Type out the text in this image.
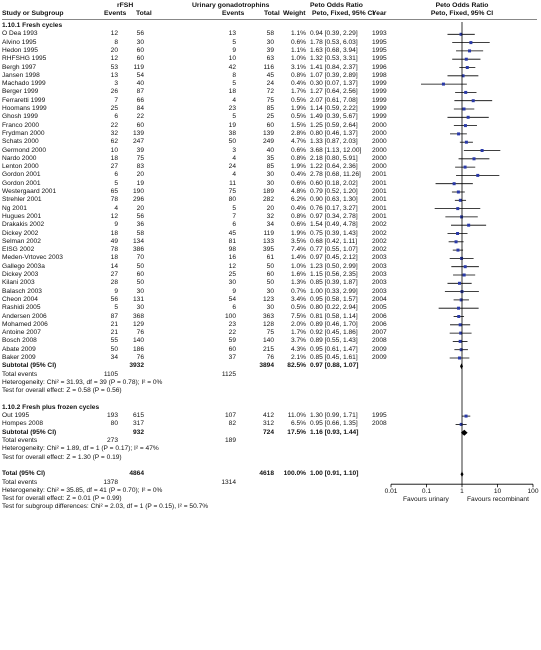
rFSH	Urinary gonadotrophins	Peto Odds Ratio	Peto Odds Ratio
Study or Subgroup	Events Total	Events	Total Weight Peto, Fixed, 95% CI
Year	Peto, Fixed, 95% CI
1.10.1 Fresh cycles
O Dea 1993	12	56	13	58	1.1% 0.94 [0.39, 2.29] 1993
Alvino 1995	8	30	5	30	0.6% 1.78 [0.53, 6.03] 1995
Hedon 1995	20	60	9	39	1.1% 1.63 [0.68, 3.94] 1995
RHFSHG 1995	12	60	10	63	1.0% 1.32 [0.53, 3.31] 1995
Bergh 1997	53	119	42	116	3.1% 1.41 [0.84, 2.37] 1996
Jansen 1998	13	54	8	45	0.8% 1.07 [0.39, 2.89] 1998
Machado 1999	3	40	5	24	0.4% 0.30 [0.07, 1.37] 1999
Berger 1999	26	87	18	72	1.7% 1.27 [0.64, 2.56] 1999
Ferraretti 1999	7	66	4	75	0.5% 2.07 [0.61, 7.08] 1999
Hoomans 1999	25	84	23	85	1.9% 1.14 [0.59, 2.22] 1999
Ghosh 1999	6	22	5	25	0.5% 1.49 [0.39, 5.67] 1999
Franco 2000	22	60	19	60	1.5% 1.25 [0.59, 2.64] 2000
Frydman 2000	32	139	38	139	2.8% 0.80 [0.46, 1.37] 2000
Schats 2000	62	247	50	249	4.7% 1.33 [0.87, 2.03] 2000
Germond 2000	10	39	3	40	0.6% 3.68 [1.13, 12.00] 2000
Nardo 2000	18	75	4	35	0.8% 2.18 [0.80, 5.91] 2000
Lenton 2000	27	83	24	85	1.9% 1.22 [0.64, 2.36] 2000
Gordon 2001	6	20	4	30	0.4% 2.78 [0.68, 11.26] 2001
Gordon 2001	5	19	11	30	0.6% 0.60 [0.18, 2.02] 2001
Westergaard 2001	65	190	75	189	4.8% 0.79 [0.52, 1.20] 2001
Strehler 2001	78	296	80	282	6.2% 0.90 [0.63, 1.30] 2001
Ng 2001	4	20	5	20	0.4% 0.76 [0.17, 3.27] 2001
Hugues 2001	12	56	7	32	0.8% 0.97 [0.34, 2.78] 2001
Drakakis 2002	9	36	6	34	0.6% 1.54 [0.49, 4.78] 2002
Dickey 2002	18	58	45	119	1.9% 0.75 [0.39, 1.43] 2002
Selman 2002	49	134	81	133	3.5% 0.68 [0.42, 1.11] 2002
EISG 2002	78	386	98	395	7.4% 0.77 [0.55, 1.07] 2002
Meden-Vrtovec 2003	18	70	16	61	1.4% 0.97 [0.45, 2.12] 2003
Gallego 2003a	14	50	12	50	1.0% 1.23 [0.50, 2.99] 2003
Dickey 2003	27	60	25	60	1.6% 1.15 [0.56, 2.35] 2003
Kilani 2003	28	50	30	50	1.3% 0.85 [0.39, 1.87] 2003
Balasch 2003	9	30	9	30	0.7% 1.00 [0.33, 2.99] 2003
Cheon 2004	56	131	54	123	3.4% 0.95 [0.58, 1.57] 2004
Rashidi 2005	5	30	6	30	0.5% 0.80 [0.22, 2.94] 2005
Andersen 2006	87	368	100	363	7.5% 0.81 [0.58, 1.14] 2006
Mohamed 2006	21	129	23	128	2.0% 0.89 [0.46, 1.70] 2006
Antoine 2007	21	76	22	75	1.7% 0.92 [0.45, 1.86] 2007
Bosch 2008	55	140	59	140	3.7% 0.89 [0.55, 1.43] 2008
Abate 2009	50	186	60	215	4.3% 0.95 [0.61, 1.47] 2009
Baker 2009	34	76	37	76	2.1% 0.85 [0.45, 1.61] 2009
Subtotal (95% CI)	3932	3894	82.5% 0.97 [0.88, 1.07]
Total events	1105	1125
Heterogeneity: Chi² = 31.93, df = 39 (P = 0.78); I² = 0%
Test for overall effect: Z = 0.58 (P = 0.56)
1.10.2 Fresh plus frozen cycles
Out 1995	193	615	107	412	11.0% 1.30 [0.99, 1.71] 1995
Hompes 2008	80	317	82	312	6.5% 0.95 [0.66, 1.35] 2008
Subtotal (95% CI)	932	724	17.5% 1.16 [0.93, 1.44]
Total events	273	189
Heterogeneity: Chi² = 1.89, df = 1 (P = 0.17); I² = 47%
Test for overall effect: Z = 1.30 (P = 0.19)
Total (95% CI)	4864	4618	100.0% 1.00 [0.91, 1.10]
Total events	1378	1314
Heterogeneity: Chi² = 35.85, df = 41 (P = 0.70); I² = 0%
Test for overall effect: Z = 0.01 (P = 0.99)
Test for subgroup differences: Chi² = 2.03, df = 1 (P = 0.15), I² = 50.7%
0.01	0.1	1	10	100
Favours urinary	Favours recombinant
